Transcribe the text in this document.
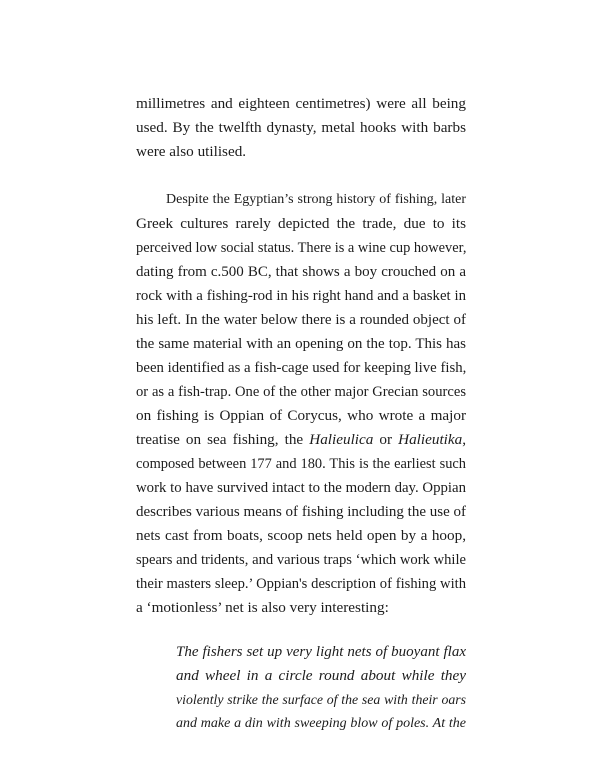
millimetres and eighteen centimetres) were all being
used. By the twelfth dynasty, metal hooks with barbs
were also utilised.
Despite the Egyptian’s strong history of fishing, later
Greek cultures rarely depicted the trade, due to its
perceived low social status. There is a wine cup however,
dating from c.500 BC, that shows a boy crouched on a
rock with a fishing-rod in his right hand and a basket in
his left. In the water below there is a rounded object of
the same material with an opening on the top. This has
been identified as a fish-cage used for keeping live fish,
or as a fish-trap. One of the other major Grecian sources
on fishing is Oppian of Corycus, who wrote a major
treatise on sea fishing, the Halieulica or Halieutika,
composed between 177 and 180. This is the earliest such
work to have survived intact to the modern day. Oppian
describes various means of fishing including the use of
nets cast from boats, scoop nets held open by a hoop,
spears and tridents, and various traps ‘which work while
their masters sleep.’ Oppian's description of fishing with
a ‘motionless’ net is also very interesting:
The fishers set up very light nets of buoyant flax
and wheel in a circle round about while they
violently strike the surface of the sea with their oars
and make a din with sweeping blow of poles. At the
